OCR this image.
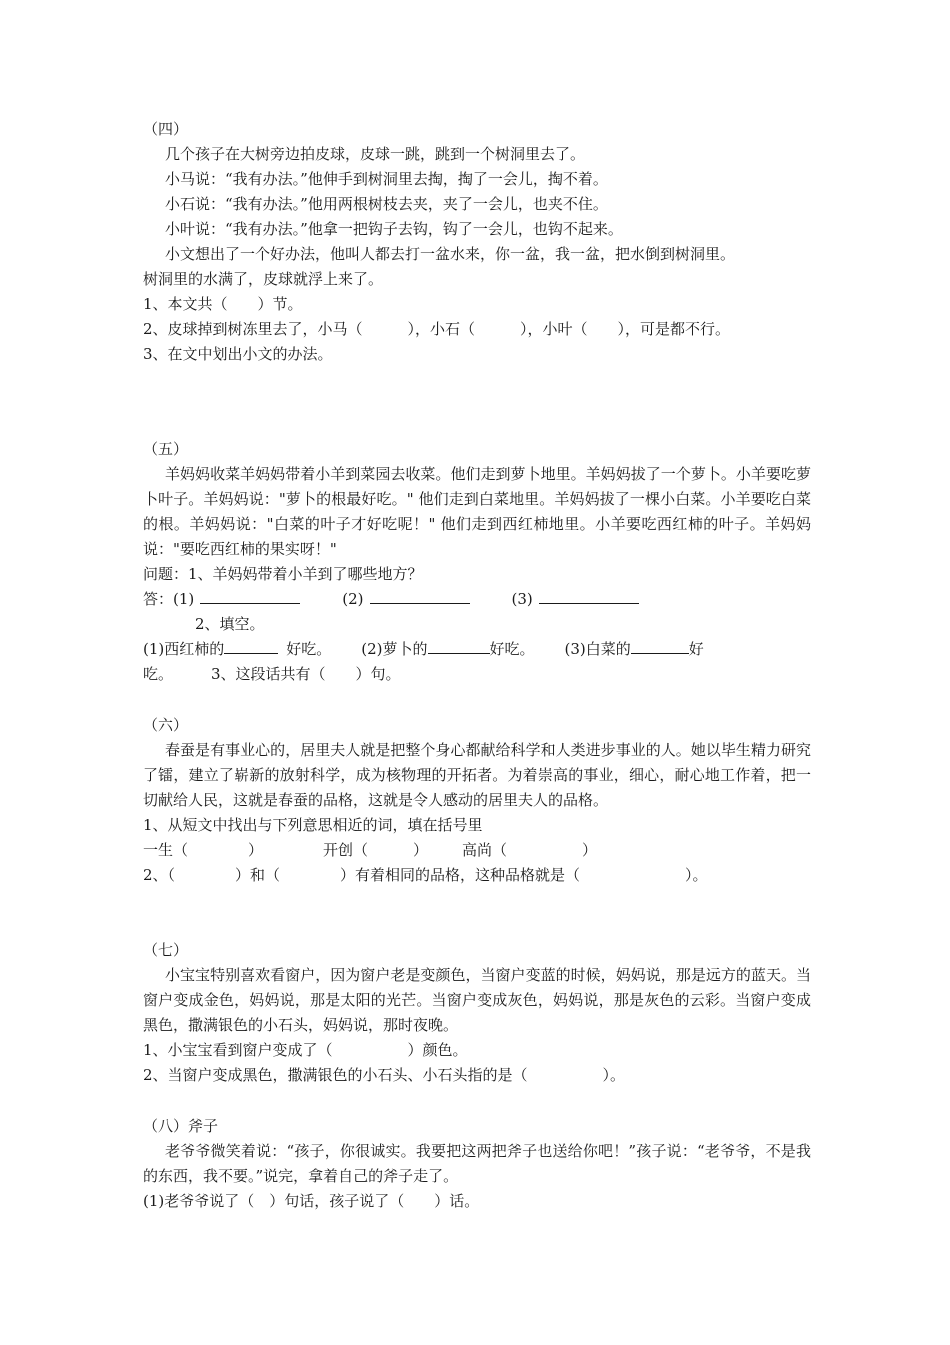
（四）
几个孩子在大树旁边拍皮球，皮球一跳，跳到一个树洞里去了。
小马说：“我有办法。”他伸手到树洞里去掏，掏了一会儿，掏不着。
小石说：“我有办法。”他用两根树枝去夹，夹了一会儿，也夹不住。
小叶说：“我有办法。”他拿一把钩子去钩，钩了一会儿，也钩不起来。
小文想出了一个好办法，他叫人都去打一盆水来，你一盆，我一盆，把水倒到树洞里。
树洞里的水满了，皮球就浮上来了。
1、本文共（　　）节。
2、皮球掉到树冻里去了，小马（　　　），小石（　　　），小叶（　　），可是都不行。
3、在文中划出小文的办法。
（五）
羊妈妈收菜羊妈妈带着小羊到菜园去收菜。他们走到萝卜地里。羊妈妈拔了一个萝卜。小羊要吃萝卜叶子。羊妈妈说："萝卜的根最好吃。" 他们走到白菜地里。羊妈妈拔了一棵小白菜。小羊要吃白菜的根。羊妈妈说："白菜的叶子才好吃呢！" 他们走到西红柿地里。小羊要吃西红柿的叶子。羊妈妈说："要吃西红柿的果实呀！"
问题：1、羊妈妈带着小羊到了哪些地方？
答：(1)	(2)	(3)
2、填空。
(1)西红柿的	好吃。 (2)萝卜的	好吃。 (3)白菜的	好
吃。	3、这段话共有（　　）句。
（六）
春蚕是有事业心的，居里夫人就是把整个身心都献给科学和人类进步事业的人。她以毕生精力研究了镭，建立了崭新的放射科学，成为核物理的开拓者。为着崇高的事业，细心，耐心地工作着，把一切献给人民，这就是春蚕的品格，这就是令人感动的居里夫人的品格。
1、从短文中找出与下列意思相近的词，填在括号里
一生（　　　　）	开创（　　　） 高尚（　　　　　）
2、（　　　　）和（　　　　）有着相同的品格，这种品格就是（　　　　　　　）。
（七）
小宝宝特别喜欢看窗户，因为窗户老是变颜色，当窗户变蓝的时候，妈妈说，那是远方的蓝天。当窗户变成金色，妈妈说，那是太阳的光芒。当窗户变成灰色，妈妈说，那是灰色的云彩。当窗户变成黑色，撒满银色的小石头，妈妈说，那时夜晚。
1、小宝宝看到窗户变成了（　　　　　）颜色。
2、当窗户变成黑色，撒满银色的小石头、小石头指的是（　　　　　）。
（八）斧子
老爷爷微笑着说：“孩子，你很诚实。我要把这两把斧子也送给你吧！”孩子说：“老爷爷，不是我的东西，我不要。”说完，拿着自己的斧子走了。
(1)老爷爷说了（　）句话，孩子说了（　　）话。
